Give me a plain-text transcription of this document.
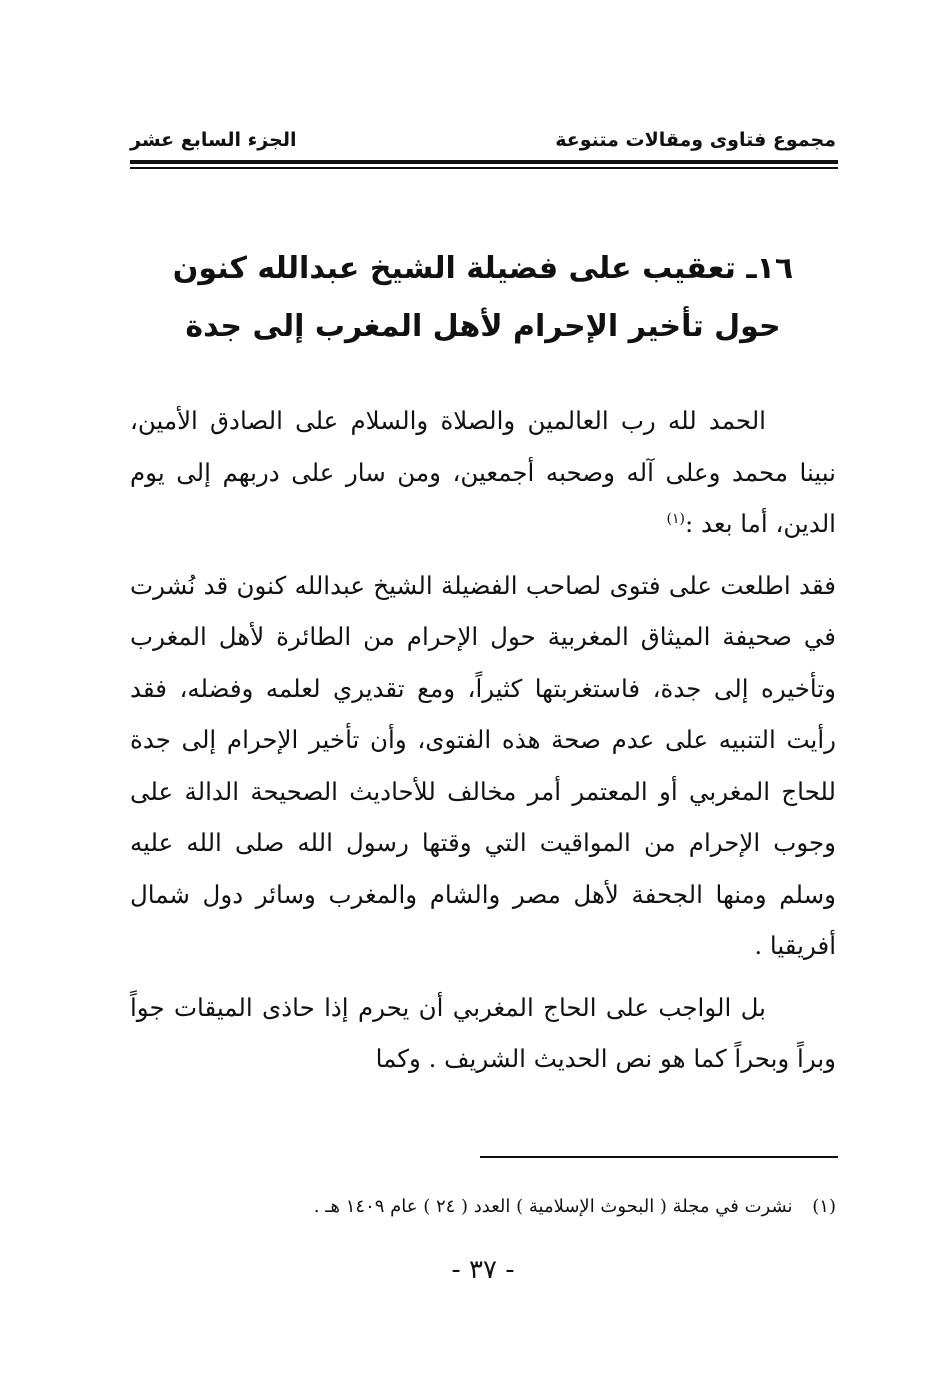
مجموع فتاوى ومقالات متنوعة
الجزء السابع عشر
١٦ـ تعقيب على فضيلة الشيخ عبدالله كنون
حول تأخير الإحرام لأهل المغرب إلى جدة

الحمد لله رب العالمين والصلاة والسلام على الصادق الأمين، نبينا محمد وعلى آله وصحبه أجمعين، ومن سار على دربهم إلى يوم الدين، أما بعد :$^{(١)}$

فقد اطلعت على فتوى لصاحب الفضيلة الشيخ عبدالله كنون قد نُشرت في صحيفة الميثاق المغربية حول الإحرام من الطائرة لأهل المغرب وتأخيره إلى جدة، فاستغربتها كثيراً، ومع تقديري لعلمه وفضله، فقد رأيت التنبيه على عدم صحة هذه الفتوى، وأن تأخير الإحرام إلى جدة للحاج المغربي أو المعتمر أمر مخالف للأحاديث الصحيحة الدالة على وجوب الإحرام من المواقيت التي وقتها رسول الله صلى الله عليه وسلم ومنها الجحفة لأهل مصر والشام والمغرب وسائر دول شمال أفريقيا .

بل الواجب على الحاج المغربي أن يحرم إذا حاذى الميقات جواً وبراً وبحراً كما هو نص الحديث الشريف . وكما

(١) نشرت في مجلة ( البحوث الإسلامية ) العدد ( ٢٤ ) عام ١٤٠٩ هـ .
- ٣٧ -
